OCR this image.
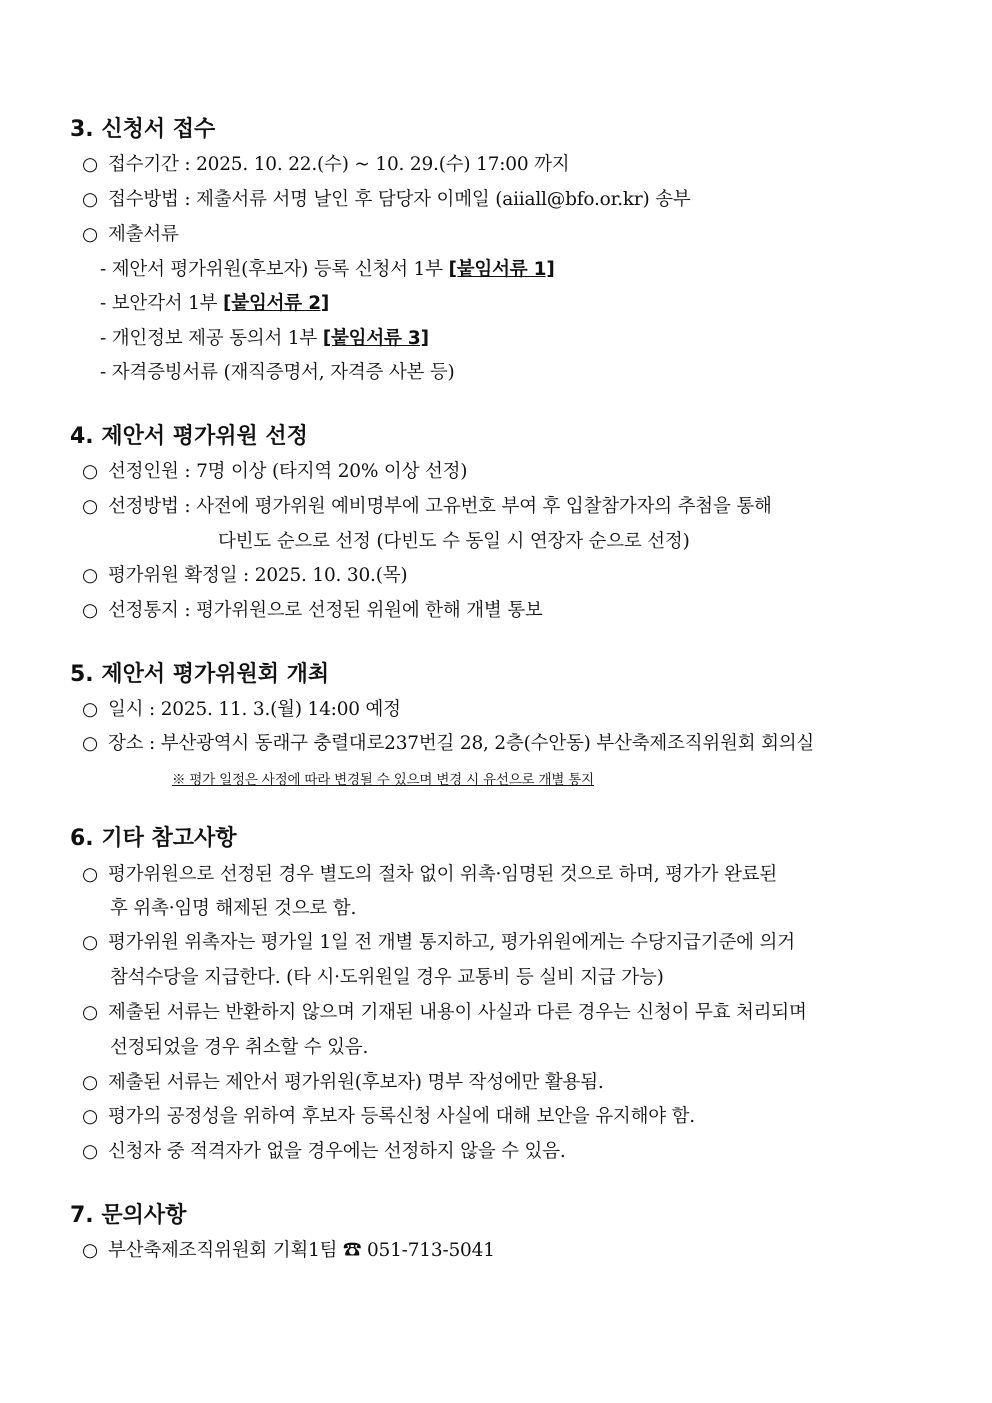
3. 신청서 접수
○ 접수기간 : 2025. 10. 22.(수) ~ 10. 29.(수) 17:00 까지
○ 접수방법 : 제출서류 서명 날인 후 담당자 이메일 (aiiall@bfo.or.kr) 송부
○ 제출서류
- 제안서 평가위원(후보자) 등록 신청서 1부 [붙임서류 1]
- 보안각서 1부 [붙임서류 2]
- 개인정보 제공 동의서 1부 [붙임서류 3]
- 자격증빙서류 (재직증명서, 자격증 사본 등)
4. 제안서 평가위원 선정
○ 선정인원 : 7명 이상 (타지역 20% 이상 선정)
○ 선정방법 : 사전에 평가위원 예비명부에 고유번호 부여 후 입찰참가자의 추첨을 통해
다빈도 순으로 선정 (다빈도 수 동일 시 연장자 순으로 선정)
○ 평가위원 확정일 : 2025. 10. 30.(목)
○ 선정통지 : 평가위원으로 선정된 위원에 한해 개별 통보
5. 제안서 평가위원회 개최
○ 일시 : 2025. 11. 3.(월) 14:00 예정
○ 장소 : 부산광역시 동래구 충렬대로237번길 28, 2층(수안동) 부산축제조직위원회 회의실
※ 평가 일정은 사정에 따라 변경될 수 있으며 변경 시 유선으로 개별 통지
6. 기타 참고사항
○ 평가위원으로 선정된 경우 별도의 절차 없이 위촉·임명된 것으로 하며, 평가가 완료된
후 위촉·임명 해제된 것으로 함.
○ 평가위원 위촉자는 평가일 1일 전 개별 통지하고, 평가위원에게는 수당지급기준에 의거
참석수당을 지급한다. (타 시·도위원일 경우 교통비 등 실비 지급 가능)
○ 제출된 서류는 반환하지 않으며 기재된 내용이 사실과 다른 경우는 신청이 무효 처리되며
선정되었을 경우 취소할 수 있음.
○ 제출된 서류는 제안서 평가위원(후보자) 명부 작성에만 활용됨.
○ 평가의 공정성을 위하여 후보자 등록신청 사실에 대해 보안을 유지해야 함.
○ 신청자 중 적격자가 없을 경우에는 선정하지 않을 수 있음.
7. 문의사항
○ 부산축제조직위원회 기획1팀 ☎ 051-713-5041
